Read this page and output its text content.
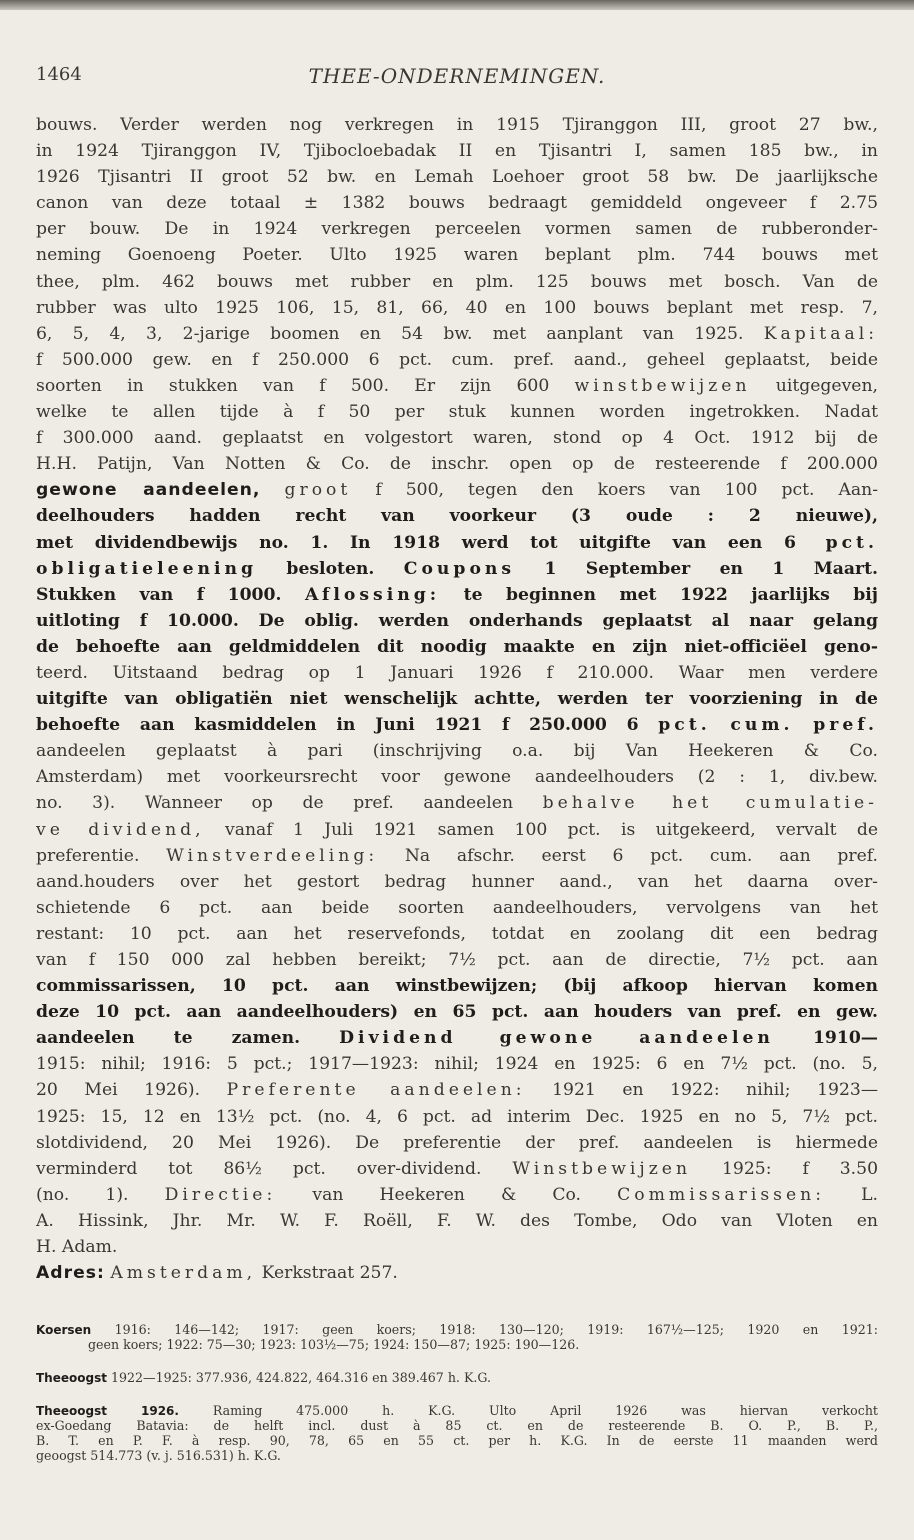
THEE-ONDERNEMINGEN.
1464
bouws. Verder werden nog verkregen in 1915 Tjiranggon III, groot 27 bw.,
in 1924 Tjiranggon IV, Tjibocloebadak II en Tjisantri I, samen 185 bw., in
1926 Tjisantri II groot 52 bw. en Lemah Loehoer groot 58 bw. De jaarlijksche
canon van deze totaal ± 1382 bouws bedraagt gemiddeld ongeveer f 2.75
per bouw. De in 1924 verkregen perceelen vormen samen de rubberonder-
neming Goenoeng Poeter. Ulto 1925 waren beplant plm. 744 bouws met
thee, plm. 462 bouws met rubber en plm. 125 bouws met bosch. Van de
rubber was ulto 1925 106, 15, 81, 66, 40 en 100 bouws beplant met resp. 7,
6, 5, 4, 3, 2-jarige boomen en 54 bw. met aanplant van 1925. Kapitaal:
f 500.000 gew. en f 250.000 6 pct. cum. pref. aand., geheel geplaatst, beide
soorten in stukken van f 500. Er zijn 600 winstbewijzen uitgegeven,
welke te allen tijde à f 50 per stuk kunnen worden ingetrokken. Nadat
f 300.000 aand. geplaatst en volgestort waren, stond op 4 Oct. 1912 bij de
H.H. Patijn, Van Notten & Co. de inschr. open op de resteerende f 200.000
gewone aandeelen, groot f 500, tegen den koers van 100 pct. Aan-
deelhouders hadden recht van voorkeur (3 oude : 2 nieuwe),
met dividendbewijs no. 1. In 1918 werd tot uitgifte van een 6 pct.
obligatieleening besloten. Coupons 1 September en 1 Maart.
Stukken van f 1000. Aflossing: te beginnen met 1922 jaarlijks bij
uitloting f 10.000. De oblig. werden onderhands geplaatst al naar gelang
de behoefte aan geldmiddelen dit noodig maakte en zijn niet-officiëel geno-
teerd. Uitstaand bedrag op 1 Januari 1926 f 210.000. Waar men verdere
uitgifte van obligatiën niet wenschelijk achtte, werden ter voorziening in de
behoefte aan kasmiddelen in Juni 1921 f 250.000 6 pct. cum. pref.
aandeelen geplaatst à pari (inschrijving o.a. bij Van Heekeren & Co.
Amsterdam) met voorkeursrecht voor gewone aandeelhouders (2 : 1, div.bew.
no. 3). Wanneer op de pref. aandeelen behalve het cumulatie-
ve dividend, vanaf 1 Juli 1921 samen 100 pct. is uitgekeerd, vervalt de
preferentie. Winstverdeeling: Na afschr. eerst 6 pct. cum. aan pref.
aand.houders over het gestort bedrag hunner aand., van het daarna over-
schietende 6 pct. aan beide soorten aandeelhouders, vervolgens van het
restant: 10 pct. aan het reservefonds, totdat en zoolang dit een bedrag
van f 150 000 zal hebben bereikt; 7½ pct. aan de directie, 7½ pct. aan
commissarissen, 10 pct. aan winstbewijzen; (bij afkoop hiervan komen
deze 10 pct. aan aandeelhouders) en 65 pct. aan houders van pref. en gew.
aandeelen te zamen. Dividend gewone aandeelen 1910—
1915: nihil; 1916: 5 pct.; 1917—1923: nihil; 1924 en 1925: 6 en 7½ pct. (no. 5,
20 Mei 1926). Preferente aandeelen: 1921 en 1922: nihil; 1923—
1925: 15, 12 en 13½ pct. (no. 4, 6 pct. ad interim Dec. 1925 en no 5, 7½ pct.
slotdividend, 20 Mei 1926). De preferentie der pref. aandeelen is hiermede
verminderd tot 86½ pct. over-dividend. Winstbewijzen 1925: f 3.50
(no. 1). Directie: van Heekeren & Co. Commissarissen: L.
A. Hissink, Jhr. Mr. W. F. Roëll, F. W. des Tombe, Odo van Vloten en
H. Adam.
Adres: Amsterdam, Kerkstraat 257.
Koersen 1916: 146—142; 1917: geen koers; 1918: 130—120; 1919: 167½—125; 1920 en 1921:
geen koers; 1922: 75—30; 1923: 103½—75; 1924: 150—87; 1925: 190—126.
Theeoogst 1922—1925: 377.936, 424.822, 464.316 en 389.467 h. K.G.
Theeoogst 1926.	Raming 475.000 h. K.G. Ulto April 1926 was hiervan verkocht
ex-Goedang Batavia: de helft incl. dust à 85 ct. en de resteerende B. O. P., B. P.,
B. T. en P. F. à resp. 90, 78, 65 en 55 ct. per h. K.G. In de eerste 11 maanden werd
geoogst 514.773 (v. j. 516.531) h. K.G.
